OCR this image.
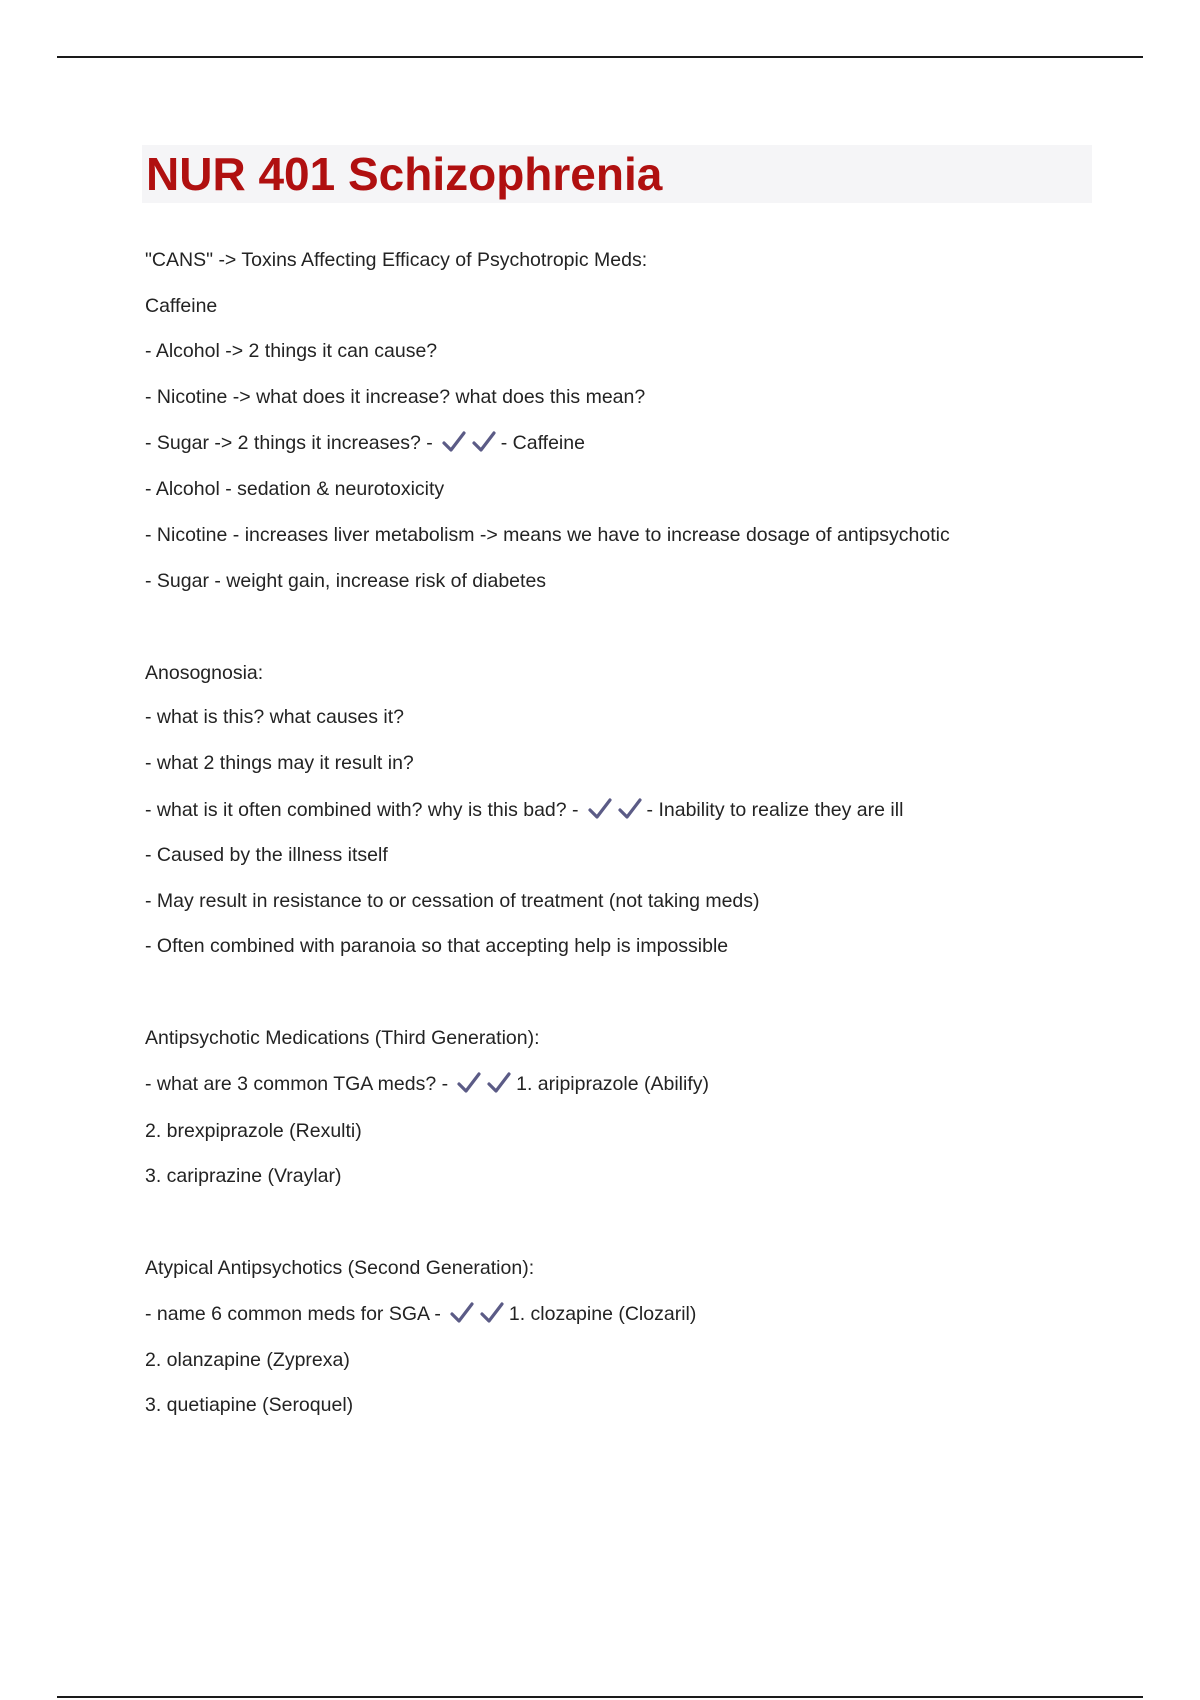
NUR 401 Schizophrenia
"CANS" -> Toxins Affecting Efficacy of Psychotropic Meds:
Caffeine
- Alcohol -> 2 things it can cause?
- Nicotine -> what does it increase? what does this mean?
- Sugar -> 2 things it increases? -	- Caffeine
- Alcohol - sedation & neurotoxicity
- Nicotine - increases liver metabolism -> means we have to increase dosage of antipsychotic
- Sugar - weight gain, increase risk of diabetes
Anosognosia:
- what is this? what causes it?
- what 2 things may it result in?
- what is it often combined with? why is this bad? -	- Inability to realize they are ill
- Caused by the illness itself
- May result in resistance to or cessation of treatment (not taking meds)
- Often combined with paranoia so that accepting help is impossible
Antipsychotic Medications (Third Generation):
- what are 3 common TGA meds? -	1. aripiprazole (Abilify)
2. brexpiprazole (Rexulti)
3. cariprazine (Vraylar)
Atypical Antipsychotics (Second Generation):
- name 6 common meds for SGA -	1. clozapine (Clozaril)
2. olanzapine (Zyprexa)
3. quetiapine (Seroquel)
